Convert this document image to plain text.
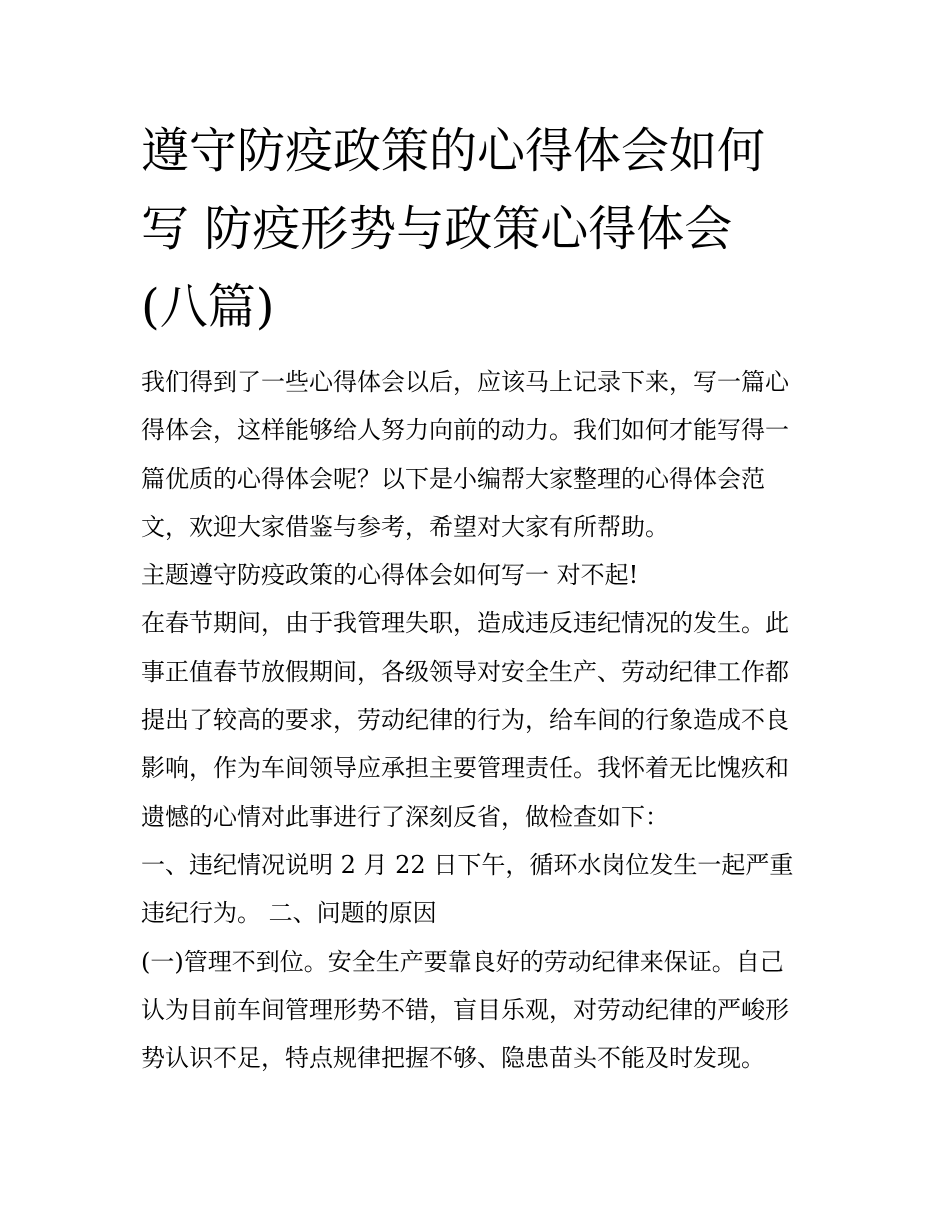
遵守防疫政策的心得体会如何
写 防疫形势与政策心得体会
(八篇)
我们得到了一些心得体会以后，应该马上记录下来，写一篇心
得体会，这样能够给人努力向前的动力。我们如何才能写得一
篇优质的心得体会呢？以下是小编帮大家整理的心得体会范
文，欢迎大家借鉴与参考，希望对大家有所帮助。
主题遵守防疫政策的心得体会如何写一 对不起!
在春节期间，由于我管理失职，造成违反违纪情况的发生。此
事正值春节放假期间，各级领导对安全生产、劳动纪律工作都
提出了较高的要求，劳动纪律的行为，给车间的行象造成不良
影响，作为车间领导应承担主要管理责任。我怀着无比愧疚和
遗憾的心情对此事进行了深刻反省，做检查如下：
一、违纪情况说明 2 月 22 日下午，循环水岗位发生一起严重
违纪行为。 二、问题的原因
(一)管理不到位。安全生产要靠良好的劳动纪律来保证。自己
认为目前车间管理形势不错，盲目乐观，对劳动纪律的严峻形
势认识不足，特点规律把握不够、隐患苗头不能及时发现。
